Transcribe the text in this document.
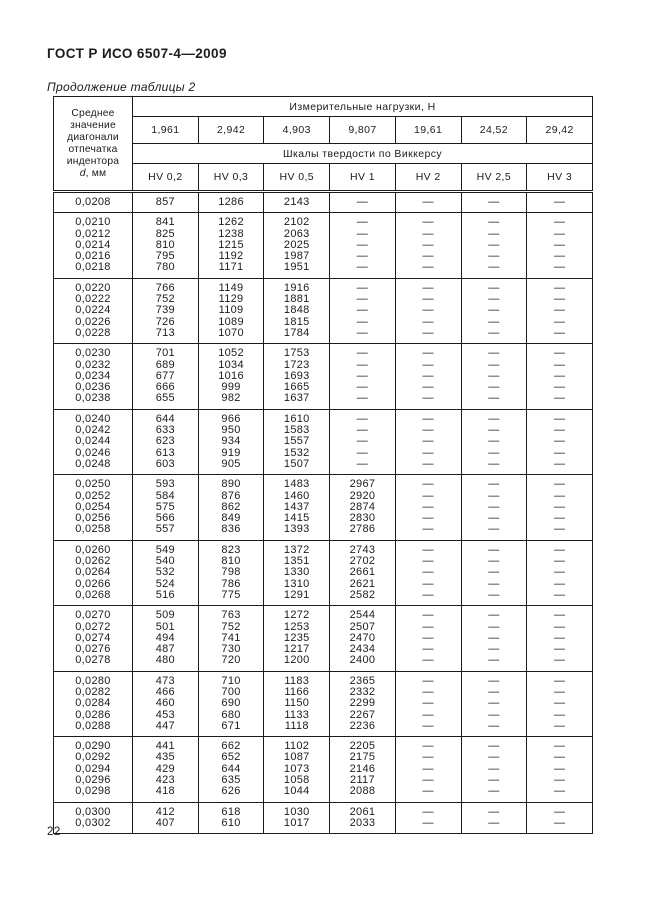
ГОСТ Р ИСО 6507-4—2009
Продолжение таблицы 2
Среднее значение диагонали отпечатка индентора
d, мм	Измерительные нагрузки, Н						
	1,961	2,942	4,903	9,807	19,61	24,52	29,42
	Шкалы твердости по Виккерсу						
	HV 0,2	HV 0,3	HV 0,5	HV 1	HV 2	HV 2,5	HV 3
0,0208	857	1286	2143	—	—	—	—
0,0210	841	1262	2102	—	—	—	—
0,0212	825	1238	2063	—	—	—	—
0,0214	810	1215	2025	—	—	—	—
0,0216	795	1192	1987	—	—	—	—
0,0218	780	1171	1951	—	—	—	—
0,0220	766	1149	1916	—	—	—	—
0,0222	752	1129	1881	—	—	—	—
0,0224	739	1109	1848	—	—	—	—
0,0226	726	1089	1815	—	—	—	—
0,0228	713	1070	1784	—	—	—	—
0,0230	701	1052	1753	—	—	—	—
0,0232	689	1034	1723	—	—	—	—
0,0234	677	1016	1693	—	—	—	—
0,0236	666	999	1665	—	—	—	—
0,0238	655	982	1637	—	—	—	—
0,0240	644	966	1610	—	—	—	—
0,0242	633	950	1583	—	—	—	—
0,0244	623	934	1557	—	—	—	—
0,0246	613	919	1532	—	—	—	—
0,0248	603	905	1507	—	—	—	—
0,0250	593	890	1483	2967	—	—	—
0,0252	584	876	1460	2920	—	—	—
0,0254	575	862	1437	2874	—	—	—
0,0256	566	849	1415	2830	—	—	—
0,0258	557	836	1393	2786	—	—	—
0,0260	549	823	1372	2743	—	—	—
0,0262	540	810	1351	2702	—	—	—
0,0264	532	798	1330	2661	—	—	—
0,0266	524	786	1310	2621	—	—	—
0,0268	516	775	1291	2582	—	—	—
0,0270	509	763	1272	2544	—	—	—
0,0272	501	752	1253	2507	—	—	—
0,0274	494	741	1235	2470	—	—	—
0,0276	487	730	1217	2434	—	—	—
0,0278	480	720	1200	2400	—	—	—
0,0280	473	710	1183	2365	—	—	—
0,0282	466	700	1166	2332	—	—	—
0,0284	460	690	1150	2299	—	—	—
0,0286	453	680	1133	2267	—	—	—
0,0288	447	671	1118	2236	—	—	—
0,0290	441	662	1102	2205	—	—	—
0,0292	435	652	1087	2175	—	—	—
0,0294	429	644	1073	2146	—	—	—
0,0296	423	635	1058	2117	—	—	—
0,0298	418	626	1044	2088	—	—	—
0,0300	412	618	1030	2061	—	—	—
0,0302	407	610	1017	2033	—	—	—
22
